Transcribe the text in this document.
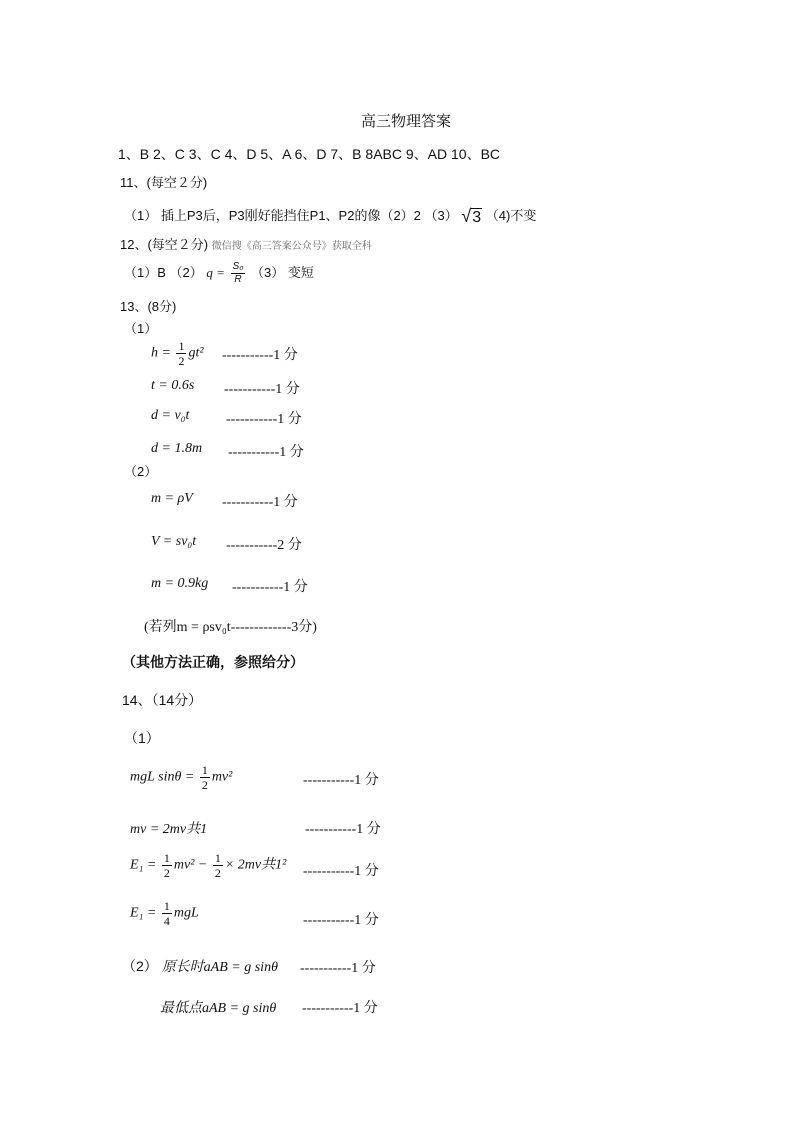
高三物理答案
1、B 2、C 3、C 4、D 5、A 6、D 7、B 8ABC 9、AD 10、BC
11、(每空２分)
（1） 插上P3后，P3刚好能挡住P1、P2的像（2）2 （3） √3 （4)不变
12、(每空２分) 微信搜《高三答案公众号》获取全科
（1）B （2） $q = \frac{\text{S₀}}{R} (3)$ 变短
13、(8分)
（1）
$h = \frac{1}{2} gt^2$ -----------1 分
t = 0.6s -----------1 分
d = v₀t	-----------1 分
d = 1.8m -----------1 分
（2）
m = ρV -----------1 分
V = sv₀t -----------2 分
m = 0.9kg -----------1 分
(若列m = ρsv₀t-------------3分)
（其他方法正确，参照给分）
14、（14分）
（1）
mgL $\sin\theta = \frac{1}{2} mv^2$	-----------1 分
mv = 2mv共1	-----------1 分
$E_1 = \frac{1}{2} mv^2 - \frac{1}{2} \times 2mv$共1² -----------1 分
$E_1 = \frac{1}{4}$ mgL	-----------1 分
（2） 原长时aAB = g sinθ -----------1 分
最低点aAB = g sinθ -----------1 分
